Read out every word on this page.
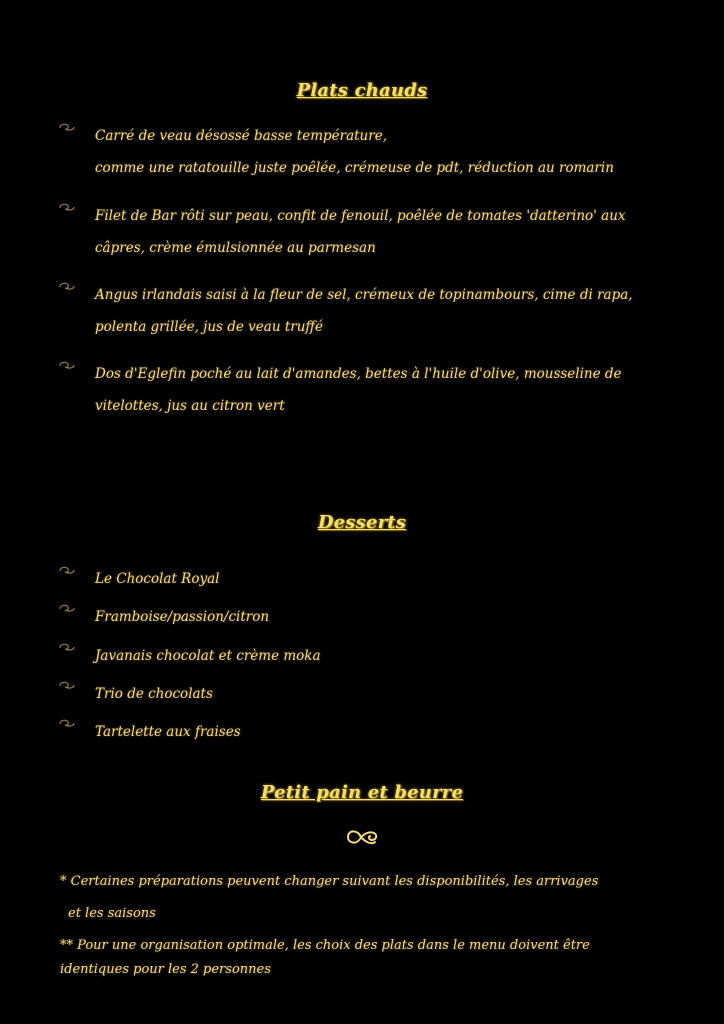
Plats chauds
Carré de veau désossé basse température,
comme une ratatouille juste poêlée, crémeuse de pdt, réduction au romarin
Filet de Bar rôti sur peau, confit de fenouil, poêlée de tomates 'datterino' aux
câpres, crème émulsionnée au parmesan
Angus irlandais saisi à la fleur de sel, crémeux de topinambours, cime di rapa,
polenta grillée, jus de veau truffé
Dos d'Eglefin poché au lait d'amandes, bettes à l'huile d'olive, mousseline de
vitelottes, jus au citron vert
Desserts
Le Chocolat Royal
Framboise/passion/citron
Javanais chocolat et crème moka
Trio de chocolats
Tartelette aux fraises
Petit pain et beurre
* Certaines préparations peuvent changer suivant les disponibilités, les arrivages
et les saisons
** Pour une organisation optimale, les choix des plats dans le menu doivent être
identiques pour les 2 personnes
